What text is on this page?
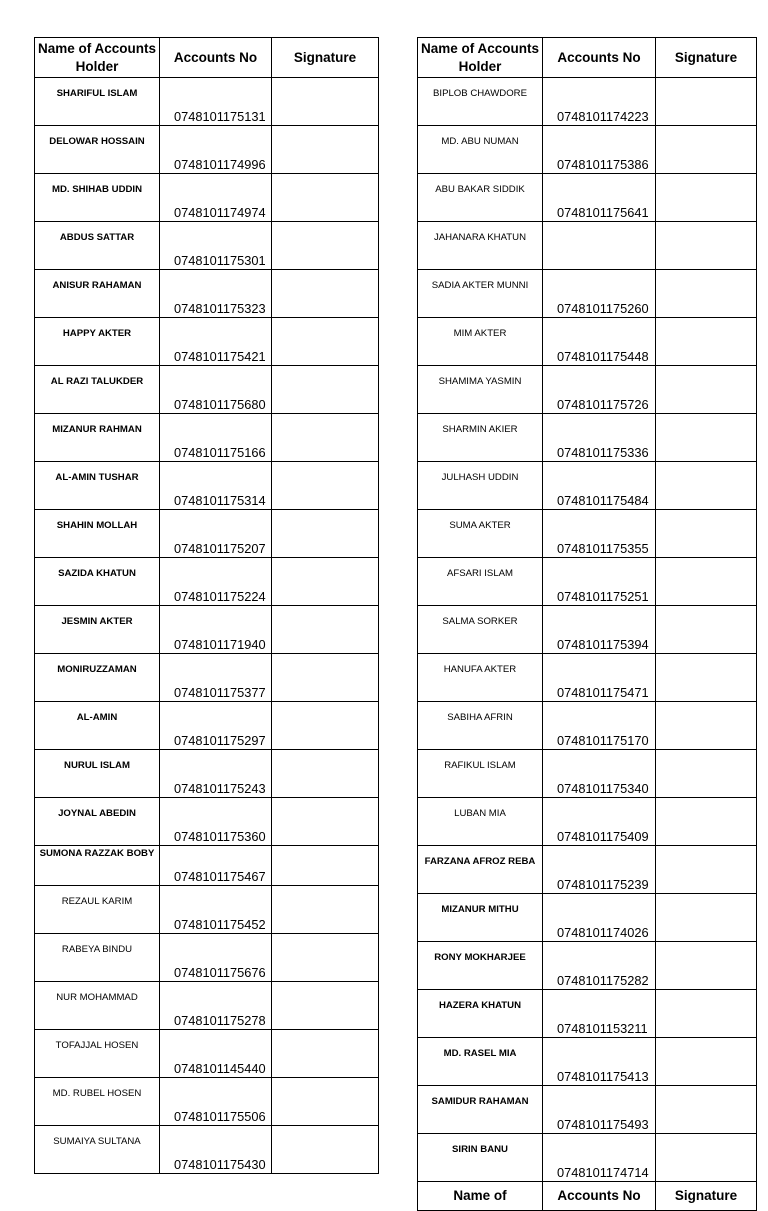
Name of Accounts Holder	Accounts No	Signature
SHARIFUL ISLAM	0748101175131	
DELOWAR HOSSAIN	0748101174996	
MD. SHIHAB UDDIN	0748101174974	
ABDUS SATTAR	0748101175301	
ANISUR RAHAMAN	0748101175323	
HAPPY AKTER	0748101175421	
AL RAZI TALUKDER	0748101175680	
MIZANUR RAHMAN	0748101175166	
AL-AMIN TUSHAR	0748101175314	
SHAHIN MOLLAH	0748101175207	
SAZIDA KHATUN	0748101175224	
JESMIN AKTER	0748101171940	
MONIRUZZAMAN	0748101175377	
AL-AMIN	0748101175297	
NURUL ISLAM	0748101175243	
JOYNAL ABEDIN	0748101175360	
SUMONA RAZZAK BOBY	0748101175467	
REZAUL KARIM	0748101175452	
RABEYA BINDU	0748101175676	
NUR MOHAMMAD	0748101175278	
TOFAJJAL HOSEN	0748101145440	
MD. RUBEL HOSEN	0748101175506	
SUMAIYA SULTANA	0748101175430	
Name of Accounts Holder	Accounts No	Signature
BIPLOB CHAWDORE	0748101174223	
MD. ABU NUMAN	0748101175386	
ABU BAKAR SIDDIK	0748101175641	
JAHANARA KHATUN		
SADIA AKTER MUNNI	0748101175260	
MIM AKTER	0748101175448	
SHAMIMA YASMIN	0748101175726	
SHARMIN AKIER	0748101175336	
JULHASH UDDIN	0748101175484	
SUMA AKTER	0748101175355	
AFSARI ISLAM	0748101175251	
SALMA SORKER	0748101175394	
HANUFA AKTER	0748101175471	
SABIHA AFRIN	0748101175170	
RAFIKUL ISLAM	0748101175340	
LUBAN MIA	0748101175409	
FARZANA AFROZ REBA	0748101175239	
MIZANUR MITHU	0748101174026	
RONY MOKHARJEE	0748101175282	
HAZERA KHATUN	0748101153211	
MD. RASEL MIA	0748101175413	
SAMIDUR RAHAMAN	0748101175493	
SIRIN BANU	0748101174714	
Name of	Accounts No	Signature
